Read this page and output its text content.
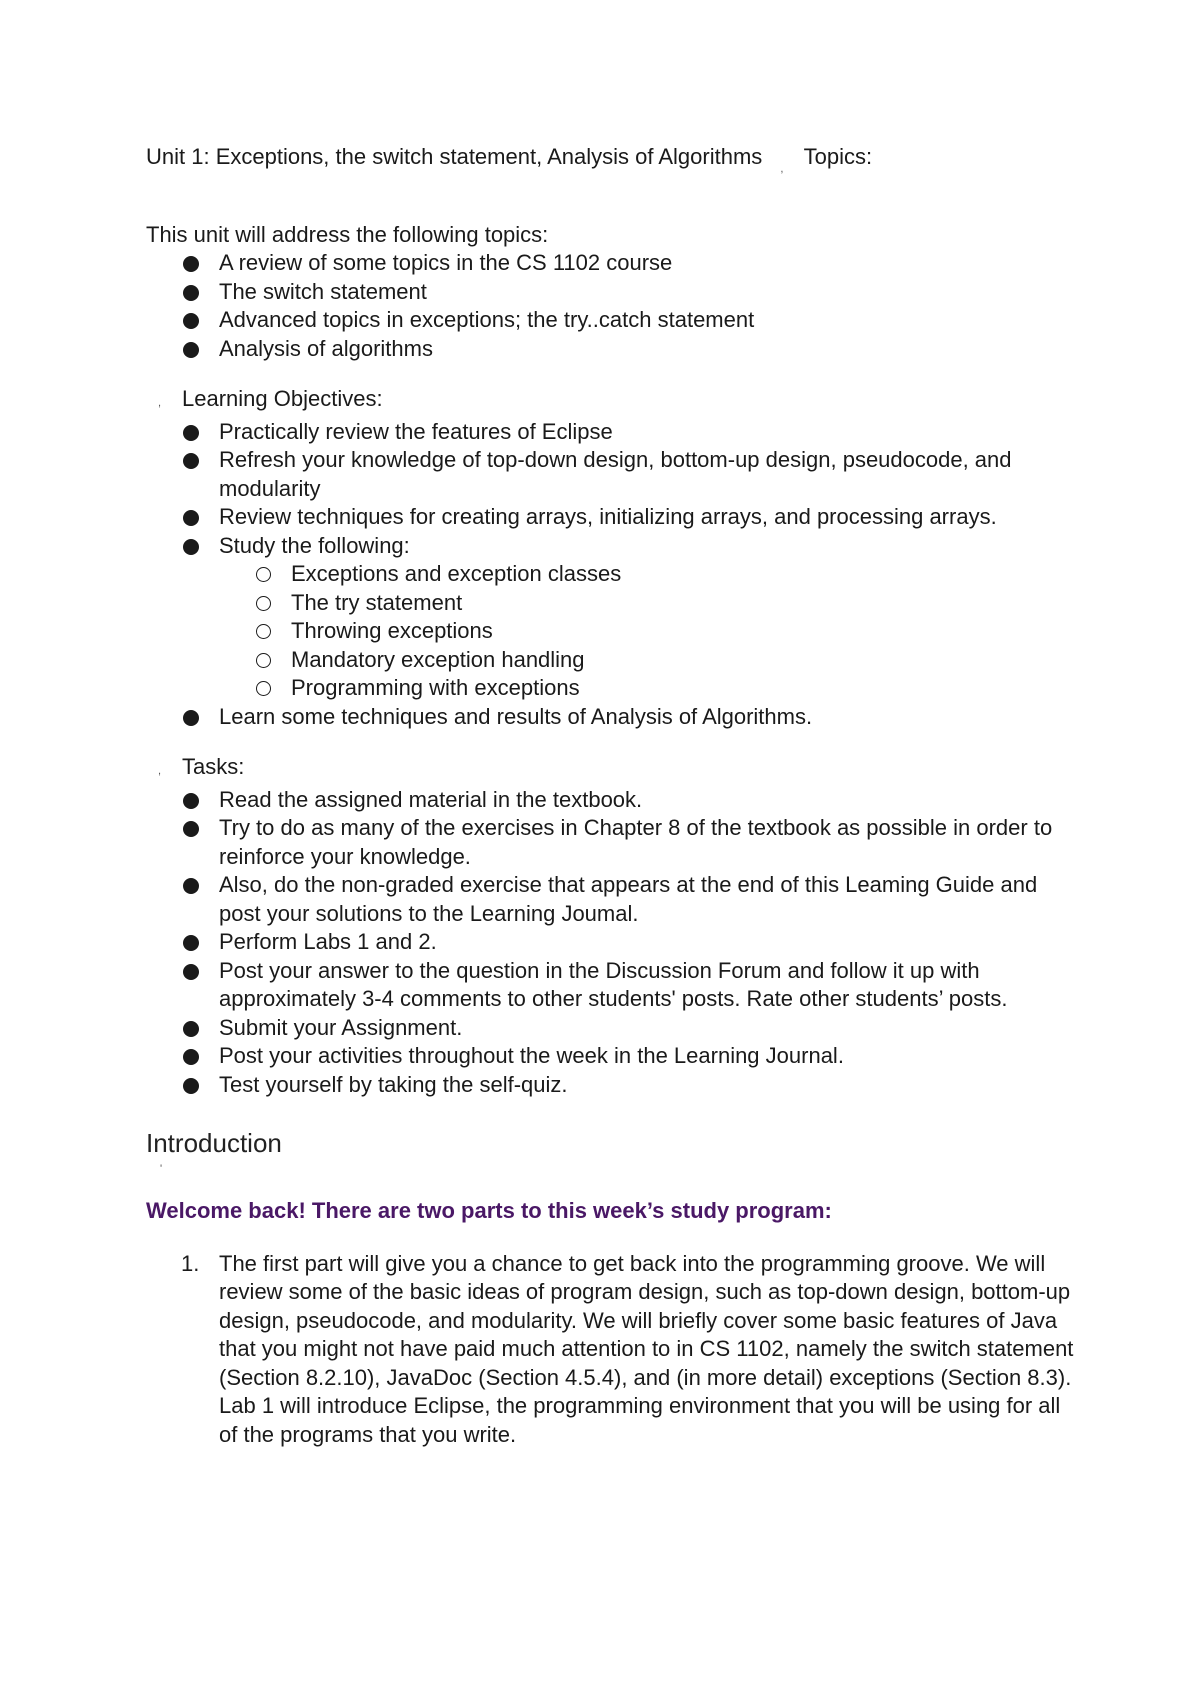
Unit 1: Exceptions, the switch statement, Analysis of Algorithms $_,$ Topics:

This unit will address the following topics:

A review of some topics in the CS 1102 course
The switch statement
Advanced topics in exceptions; the try..catch statement
Analysis of algorithms

, Learning Objectives:

Practically review the features of Eclipse
Refresh your knowledge of top-down design, bottom-up design, pseudocode, and modularity
Review techniques for creating arrays, initializing arrays, and processing arrays.
Study the following:
Exceptions and exception classes
The try statement
Throwing exceptions
Mandatory exception handling
Programming with exceptions
Learn some techniques and results of Analysis of Algorithms.

, Tasks:

Read the assigned material in the textbook.
Try to do as many of the exercises in Chapter 8 of the textbook as possible in order to reinforce your knowledge.
Also, do the non-graded exercise that appears at the end of this Leaming Guide and post your solutions to the Learning Joumal.
Perform Labs 1 and 2.
Post your answer to the question in the Discussion Forum and follow it up with approximately 3-4 comments to other students' posts. Rate other students’ posts.
Submit your Assignment.
Post your activities throughout the week in the Learning Journal.
Test yourself by taking the self-quiz.
Introduction
'

Welcome back! There are two parts to this week’s study program:

1. The first part will give you a chance to get back into the programming groove. We will review some of the basic ideas of program design, such as top-down design, bottom-up design, pseudocode, and modularity. We will briefly cover some basic features of Java that you might not have paid much attention to in CS 1102, namely the switch statement (Section 8.2.10), JavaDoc (Section 4.5.4), and (in more detail) exceptions (Section 8.3). Lab 1 will introduce Eclipse, the programming environment that you will be using for all of the programs that you write.
